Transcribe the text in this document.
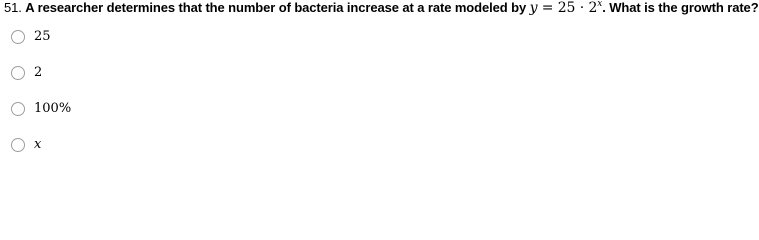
51. A researcher determines that the number of bacteria increase at a rate modeled by $y = 25 \cdot 2^x$. What is the growth rate?
25
2
100%
x
